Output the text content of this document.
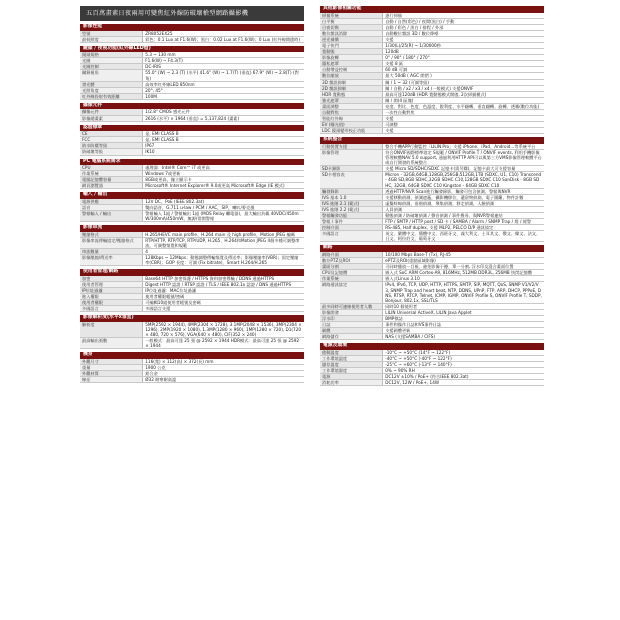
五百萬畫素日夜兩用可變焦紅外線防破壞槍型網路攝影機
影像性能
型號	ZR8052EX25
最低照度	彩色：0.1 Lux at F1.6(W)；黑白：0.02 Lux at F1.6(W)；0 Lux (紅外線開啟時)
鏡頭 / 夜視功能(紅外線LED燈)
鏡頭規格	5.3 ~ 130 mm
光圈	F1.6(W) ~ F4.3(T)
光圈控制	DC-IRIS
攝錄視角	55.0° (W) ~ 2.3 (T) (水平) 41.6° (W) ~ 1.7(T) (垂直) 67.9° (W) ~ 2.8(T) (對角)
發光體	高效率紅外線LED 850nm
光照角度	20°, 45°
紅外線投射有效距離	100M
攝像元件
攝像元件	1/2.8" CMOS 感光元件
影像總畫素	2616 (水平) × 1964 (垂直) = 5,137,824 (畫素)
認證標章
CE	是, EMI CLASS B
FCC	是, EMI CLASS B
防水防塵等級	IP67
防破壞等級	IK10
PC 電腦系統需求
CPU	處理器：Intel® Core™ i7 或更高
作業系統	Windows 7或更新
電腦記憶體容量	8GB或更高，獨立顯示卡
網頁瀏覽器	Microsoft® Internet Explorer® 9.0或更高 Microsoft® Edge (IE 模式)
輸入 / 輸出
電源供應	12V DC，PoE (IEEE 802.3at)
語音	雙向語音，G.711 u-law / PCM / AAC，SIP，喇叭/麥克風
警報輸入 / 輸出	警報輸入 1組 / 警報輸出 1組 (MOS Relay 繼電器)，最大輸出負載 40VDC/450mW/300mA/450mW，無源/常開警報
影像串流
壓縮格式	H.265/HEVC main profile、H.264 main 及 high profile、Motion JPEG 編碼
影像串流傳輸協定/壓縮格式	RTP/HTTP, RTP/TCP, RTP/UDP, H.265、H.264和Motion JPEG 4個多種可調整串流，可調整頻寬和規範
串流數量	4
影像壓縮/傳送率	128Kbps ~ 12Mbps；動態調整傳輸頻寬及傳送率；影像壓縮率(VBR)；固定壓縮率(CBR)；GOP 長度：可調 (Fix bitrate)、Smart H.264/H.265
使用者管理/網路
加密	Base64 HTTP 加密保護 / HTTPS 資料加密傳輸 / DDNS 通過HTTPS
使用者管理	Digest HTTP 認證 / RTSP 認證 / TLS / IEEE 802.1x 認證 / DNS 通過HTTPS
IP位址過濾	IP位址過濾：MAC位址過濾
進入權限	使用者權限帳號/密碼
使用者權限	可編輯10組使用者帳號及密碼
多國語言	多國語言支援
影像解析度(水平x垂直)
解析度	5MP(2592 × 1944), 4MP(2304 × 1728), 3.1MP(2048 × 1536), 3MP(2304 × 1296), 2MP(1920 × 1080), 1.3MP(1280 × 960), 1MP(1280 × 720), D1(720 × 480, 720 × 576), VGA(640 × 480), CIF(352 × 240)
最高輸出張數	一般模式：最高可達 25 張 @ 2592 × 1944 HDR模式：最高可達 25 張 @ 2592 × 1944
機身
外觀尺寸	116(寬) × 112(高) × 372(長) mm
重量	1900 公克
外觀材質	鋁合金
線徑	Ø32 耐寒耐高溫
其他影像相關功能
掃描系統	逐行掃描
白平衡	自動 / 自然(彩色) / 夜間(黑白) / 手動
日夜切換	自動 / 彩色 / 黑白 / 排程 / 外部
數位雜訊消除	自動數位雜訊 3D / 數位降噪
逆光補償	支援
電子快門	1/30(L)/25(R) ~ 1/30000秒
寬動態	120dB
影像旋轉	0° / 90° / 180° / 270°
隱私遮罩	支援 8 區
自動增益控制	60 dB 可調
數位縮放	最大 50dB ( AGC 開閉 )
3D 雜訊抑制	關 / 1 ~ 32 (可調等級)
2D 雜訊抑制	關 / 自動 / x2 / x3 / x4 (一般模式) 支援ONVIF
HDR 寬動態	最高可達120dB (HDR 寬動態模式開啟, 2次掃描模式)
強光遮罩	關 / 開(4 區塊)
畫面調整	亮度、對比、色度、色溫度、銳利度、水平翻轉、垂直翻轉、旋轉、透霧(數位功能)
自動對焦	一次性自動對焦
智能紅外線	支援
EV (曝光值)	可調整
LDC 鏡頭變形校正功能	支援
系統整合
行動裝置支援	整合手機APP行動監控「LILIN Pro」支援 iPhone、iPad、Android...等系統平台
影像管理	符合ONVIF國際標準協定 S規範 / ONVIF Profile T / ONVIF events, 利用手機影像管理軟體NAV 5.0 support, 通過利用HTTP API可以與第三方VMS影像管理軟體平台或自行開發的系統整合
SD卡錄影	支援 Micro SD/SDHC/SDXC 記憶卡(需另購)，記憶卡最大可支援容量
SD卡相容表	Micron - 32GB,64GB,128GB,256GB,512GB,1TB (SDXC, U1, C10) Transcend - 4GB SD,8GB SDHC,32GB SDHC C10,128GB SDXC C10 SanDisk - 8GB SDHC, 32GB, 64GB SDXC C10 Kingston - 64GB SDXC C10
觸發錄影	透過HTTP/NVR Scan進行觸發錄影，觸發可包含偵測、警報與NVR
IVS 基本 1.0	支援移動偵測，偵測遮蔽，攝影機移位，遺留物偵測，電子圍籬，物件計數
IVS 進階 2.1 (範式)	虛擬絆線偵測，徘徊偵測，聚集偵測，移走偵測，人臉偵測
IVS 進階 2.2 (範式)	人員偵測
警報觸發功能	動態偵測 / 防破壞偵測 / 聲音偵測 / 事件搜尋，與NVR警報連結
警報 / 事件	FTP / SMTP / HTTP post / SD 卡 / SAMBA / Alarm / SNMP Trap / 燈 / 報警
控制介面	RS-485, Half duplex, 支援 MLP2, PELCO D/P 通訊協定
多國語言	英文、繁體中文、簡體中文、西班牙文、義大利文、土耳其文、俄文、韓文、法文、日文、阿拉伯文、葡萄牙文
網路
網路介面	10/100 Mbps Base-T (Tx), RJ-45
數位PTZ及ROI	ePTZ及ROI(重點區域影像)
畫面分割	可同時播放一目視、避免影像干擾、單一分割, 浮水印及混合畫面位置
CPU及記憶體	嵌入式 SoC ARM Cortex-A9, 816MHz, 512MB DDR3L, 256MB 快閃記憶體
作業系統	嵌入式Linux 3.10
網路通訊協定	IPv4, IPv6, TCP, UDP, HTTP, HTTPS, SMTP, SIP, MQTT, QoS, SNMP V1/V2/V3, SNMP Trap and heart beat, NTP, DDNS, UPnP, FTP, ARP, DHCP, PPPoE, DNS, RTSP, RTCP, Telnet, ICMP, IGMP, ONVIF Profile S, ONVIF Profile T, SDDP, Bonjour, 802.1x, SSL/TLS
最多同時可連線使用者人數	同時10 個使用者
影像開發	LILIN Universal ActiveX, LILIN Java Applet
浮水印	BMP標誌
日誌	事件和操作日誌和VS事件日誌
韌體	支援韌體更新
網路儲存	NAS (支援SAMBA / CIFS)
電源及環境
啟動溫度	-10°C ~ +50°C (14°F ~ 122°F)
工作環境溫度	-40°C ~ +50°C (-40°F ~ 122°F)
儲存溫度	-25°C ~ +60°C (-13°F ~ 140°F)
工作環境濕度	0% ~ 90% RH
電源	DC12V ±10% / PoE+ (符合IEEE 802.3at)
消耗功率	DC12V, 12W / PoE+, 14W
